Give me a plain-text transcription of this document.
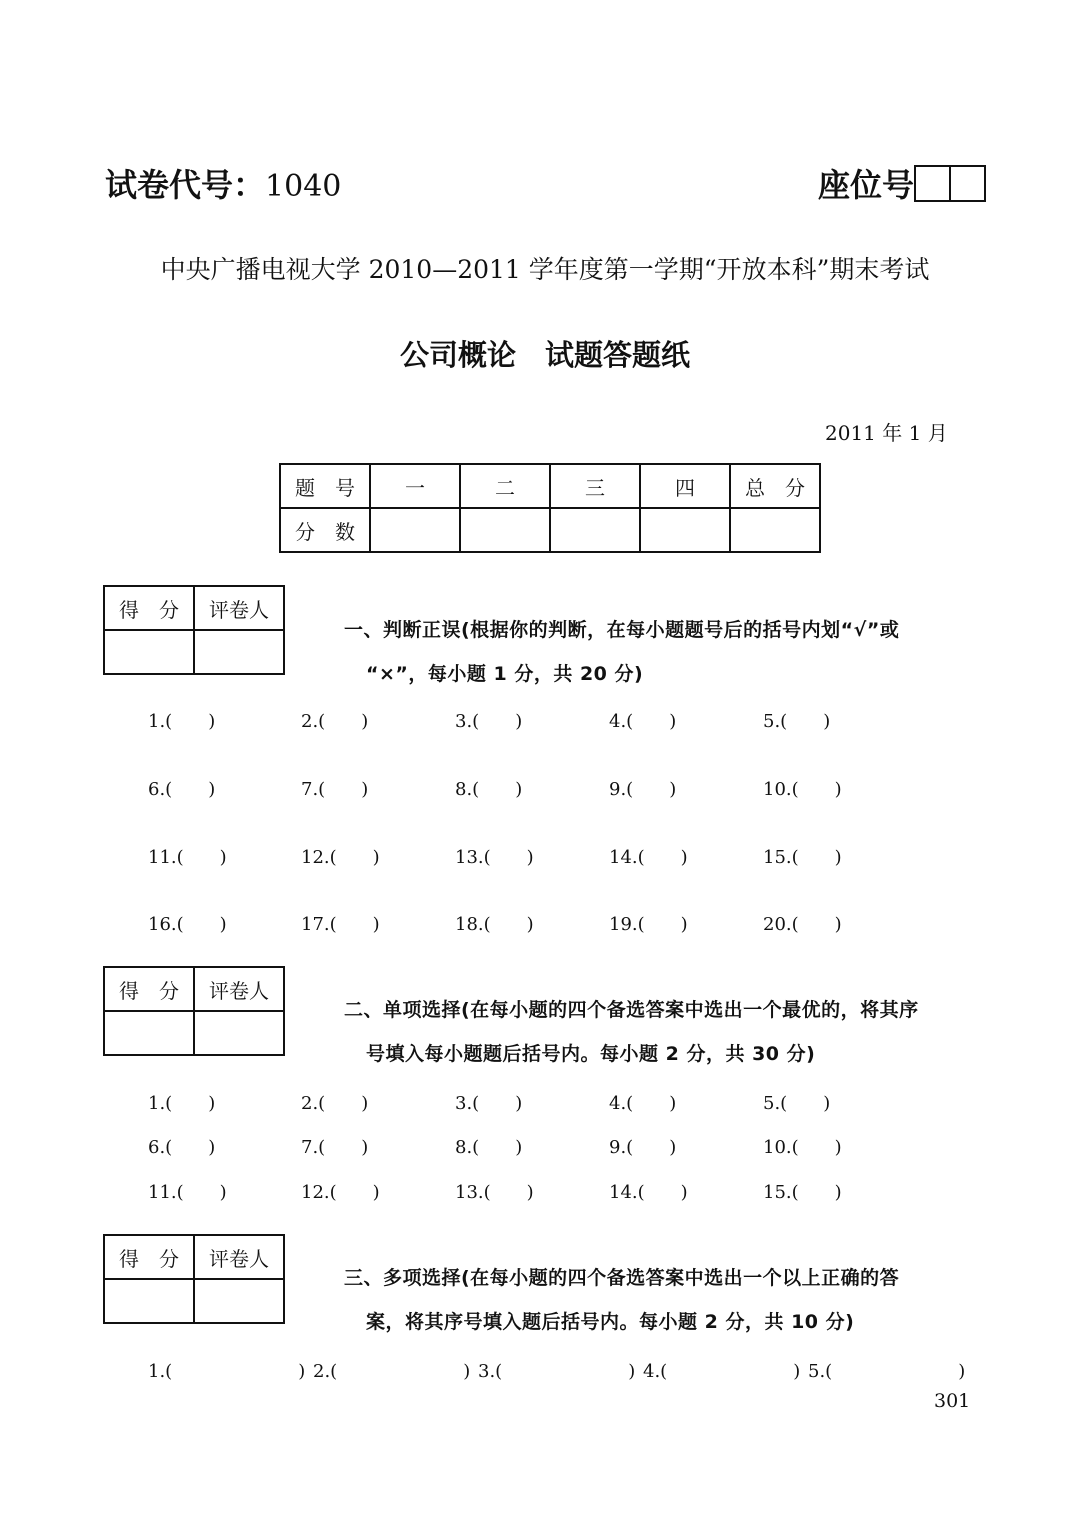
试卷代号：1040	座位号
中央广播电视大学 2010—2011 学年度第一学期“开放本科”期末考试
公司概论　试题答题纸
2011 年 1 月
题　号	一	二	三	四	总　分
分　数					
得　分	评卷人

一、判断正误(根据你的判断，在每小题题号后的括号内划“√”或
“×”，每小题 1 分，共 20 分)
1.(　　)	2.(　　)	3.(　　)	4.(　　)	5.(　　)
6.(　　)	7.(　　)	8.(　　)	9.(　　)	10.(　　)
11.(　　)	12.(　　)	13.(　　)	14.(　　)	15.(　　)
16.(　　)	17.(　　)	18.(　　)	19.(　　)	20.(　　)
得　分	评卷人

二、单项选择(在每小题的四个备选答案中选出一个最优的，将其序
号填入每小题题后括号内。每小题 2 分，共 30 分)
1.(　　)	2.(　　)	3.(　　)	4.(　　)	5.(　　)
6.(　　)	7.(　　)	8.(　　)	9.(　　)	10.(　　)
11.(　　)	12.(　　)	13.(　　)	14.(　　)	15.(　　)
得　分	评卷人

三、多项选择(在每小题的四个备选答案中选出一个以上正确的答
案，将其序号填入题后括号内。每小题 2 分，共 10 分)
1.(　　　　　　　) 2.(　　　　　　　) 3.(　　　　　　　) 4.(　　　　　　　) 5.(　　　　　　　)
301
